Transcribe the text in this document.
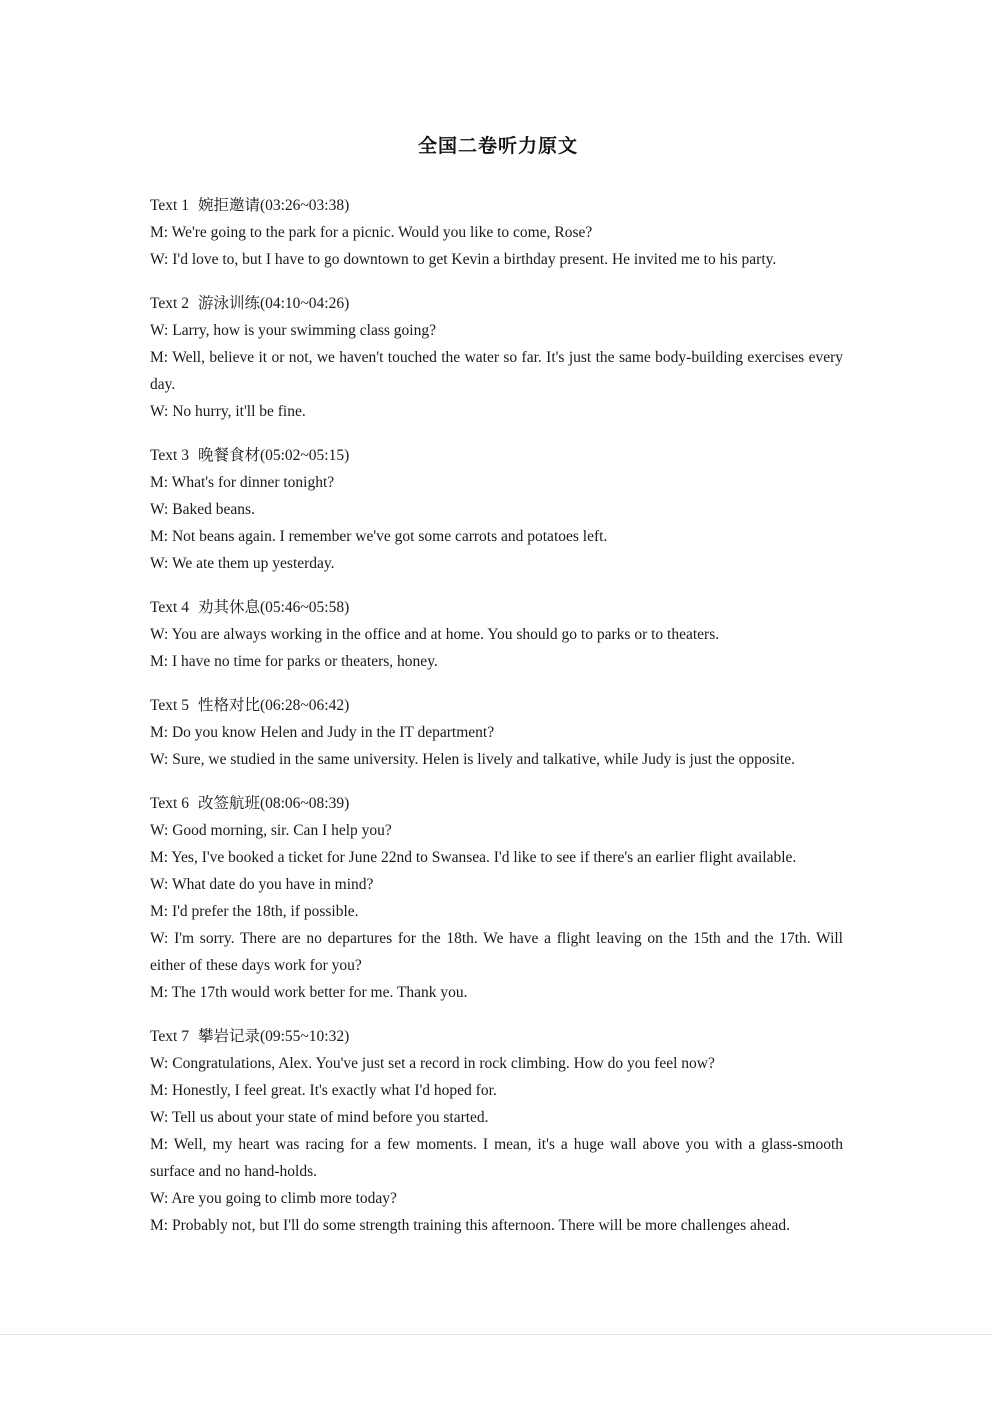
全国二卷听力原文
Text 1 婉拒邀请(03:26~03:38)

M: We're going to the park for a picnic. Would you like to come, Rose?

W: I'd love to, but I have to go downtown to get Kevin a birthday present. He invited me to his party.

Text 2 游泳训练(04:10~04:26)

W: Larry, how is your swimming class going?

M: Well, believe it or not, we haven't touched the water so far. It's just the same body-building exercises every day.

W: No hurry, it'll be fine.

Text 3 晚餐食材(05:02~05:15)

M: What's for dinner tonight?

W: Baked beans.

M: Not beans again. I remember we've got some carrots and potatoes left.

W: We ate them up yesterday.

Text 4 劝其休息(05:46~05:58)

W: You are always working in the office and at home. You should go to parks or to theaters.

M: I have no time for parks or theaters, honey.

Text 5 性格对比(06:28~06:42)

M: Do you know Helen and Judy in the IT department?

W: Sure, we studied in the same university. Helen is lively and talkative, while Judy is just the opposite.

Text 6 改签航班(08:06~08:39)

W: Good morning, sir. Can I help you?

M: Yes, I've booked a ticket for June 22nd to Swansea. I'd like to see if there's an earlier flight available.

W: What date do you have in mind?

M: I'd prefer the 18th, if possible.

W: I'm sorry. There are no departures for the 18th. We have a flight leaving on the 15th and the 17th. Will either of these days work for you?

M: The 17th would work better for me. Thank you.

Text 7 攀岩记录(09:55~10:32)

W: Congratulations, Alex. You've just set a record in rock climbing. How do you feel now?

M: Honestly, I feel great. It's exactly what I'd hoped for.

W: Tell us about your state of mind before you started.

M: Well, my heart was racing for a few moments. I mean, it's a huge wall above you with a glass-smooth surface and no hand-holds.

W: Are you going to climb more today?

M: Probably not, but I'll do some strength training this afternoon. There will be more challenges ahead.
